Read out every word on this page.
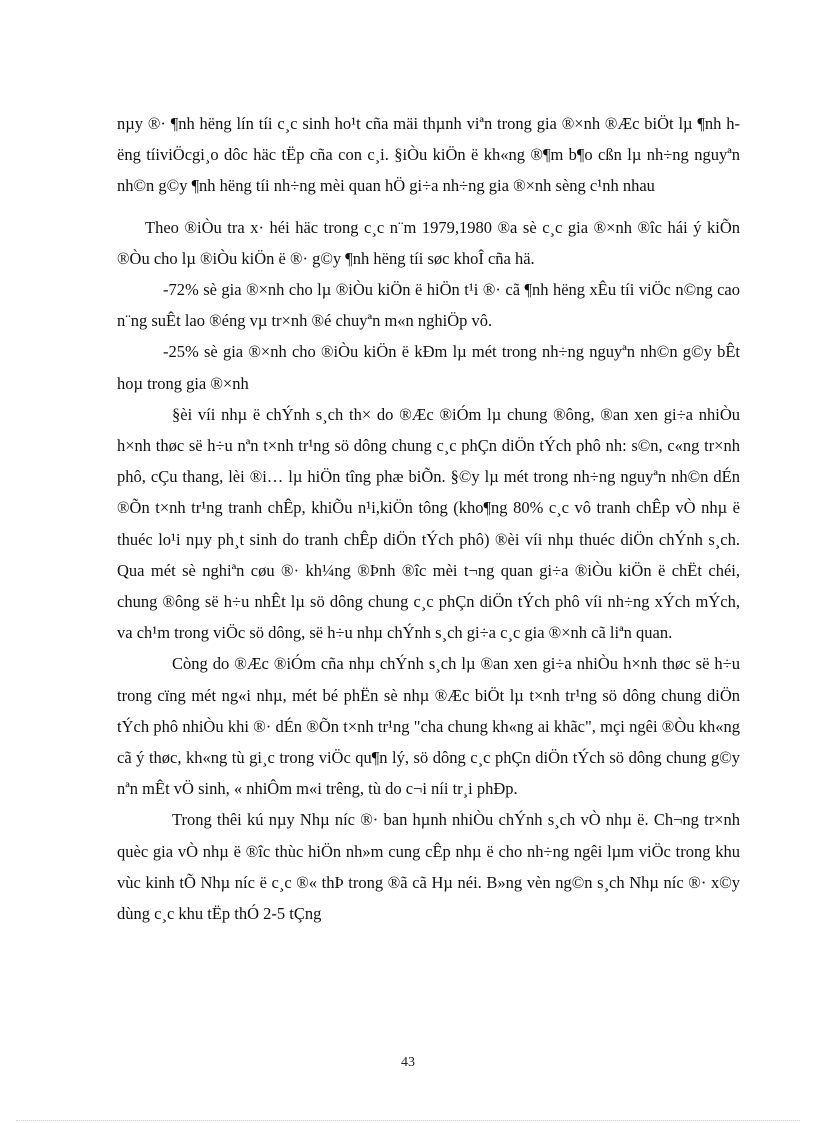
nµy ®· ¶nh hëng lín tíi c¸c sinh ho¹t cña mäi thµnh viªn trong gia ®×nh ®Æc biÖt lµ ¶nh hëng tíiviÖcgi¸o dôc häc tËp cña con c¸i. §iÒu kiÖn ë kh«ng ®¶m b¶o cßn lµ nh÷ng nguyªn nh©n g©y ¶nh hëng tíi nh÷ng mèi quan hÖ gi÷a nh÷ng gia ®×nh sèng c¹nh nhau

Theo ®iÒu tra x· héi häc trong c¸c n¨m 1979,1980 ®a sè c¸c gia ®×nh ®îc hái ý kiÕn ®Òu cho lµ ®iÒu kiÖn ë ®· g©y ¶nh hëng tíi søc khoÎ cña hä.

-72% sè gia ®×nh cho lµ ®iÒu kiÖn ë hiÖn t¹i ®· cã ¶nh hëng xÊu tíi viÖc n©ng cao n¨ng suÊt lao ®éng vµ tr×nh ®é chuyªn m«n nghiÖp vô.

-25% sè gia ®×nh cho ®iÒu kiÖn ë kÐm lµ mét trong nh÷ng nguyªn nh©n g©y bÊt hoµ trong gia ®×nh

§èi víi nhµ ë chÝnh s¸ch th× do ®Æc ®iÓm lµ chung ®ông, ®an xen gi÷a nhiÒu h×nh thøc së h÷u nªn t×nh tr¹ng sö dông chung c¸c phÇn diÖn tÝch phô nh: s©n, c«ng tr×nh phô, cÇu thang, lèi ®i… lµ hiÖn tîng phæ biÕn. §©y lµ mét trong nh÷ng nguyªn nh©n dÉn ®Õn t×nh tr¹ng tranh chÊp, khiÕu n¹i,kiÖn tông (kho¶ng 80% c¸c vô tranh chÊp vÒ nhµ ë thuéc lo¹i nµy ph¸t sinh do tranh chÊp diÖn tÝch phô) ®èi víi nhµ thuéc diÖn chÝnh s¸ch. Qua mét sè nghiªn cøu ®· kh¼ng ®Þnh ®îc mèi t¬ng quan gi÷a ®iÒu kiÖn ë chËt chéi, chung ®ông së h÷u nhÊt lµ sö dông chung c¸c phÇn diÖn tÝch phô víi nh÷ng xÝch mÝch, va ch¹m trong viÖc sö dông, së h÷u nhµ chÝnh s¸ch gi÷a c¸c gia ®×nh cã liªn quan.

Còng do ®Æc ®iÓm cña nhµ chÝnh s¸ch lµ ®an xen gi÷a nhiÒu h×nh thøc së h÷u trong cïng mét ng«i nhµ, mét bé phËn sè nhµ ®Æc biÖt lµ t×nh tr¹ng sö dông chung diÖn tÝch phô nhiÒu khi ®· dÉn ®Õn t×nh tr¹ng "cha chung kh«ng ai khãc", mçi ngêi ®Òu kh«ng cã ý thøc, kh«ng tù gi¸c trong viÖc qu¶n lý, sö dông c¸c phÇn diÖn tÝch sö dông chung g©y nªn mÊt vÖ sinh, « nhiÔm m«i trêng, tù do c¬i níi tr¸i phÐp.

Trong thêi kú nµy Nhµ níc ®· ban hµnh nhiÒu chÝnh s¸ch vÒ nhµ ë. Ch¬ng tr×nh quèc gia vÒ nhµ ë ®îc thùc hiÖn nh»m cung cÊp nhµ ë cho nh÷ng ngêi lµm viÖc trong khu vùc kinh tÕ Nhµ níc ë c¸c ®« thÞ trong ®ã cã Hµ néi. B»ng vèn ng©n s¸ch Nhµ níc ®· x©y dùng c¸c khu tËp thÓ 2-5 tÇng

43
